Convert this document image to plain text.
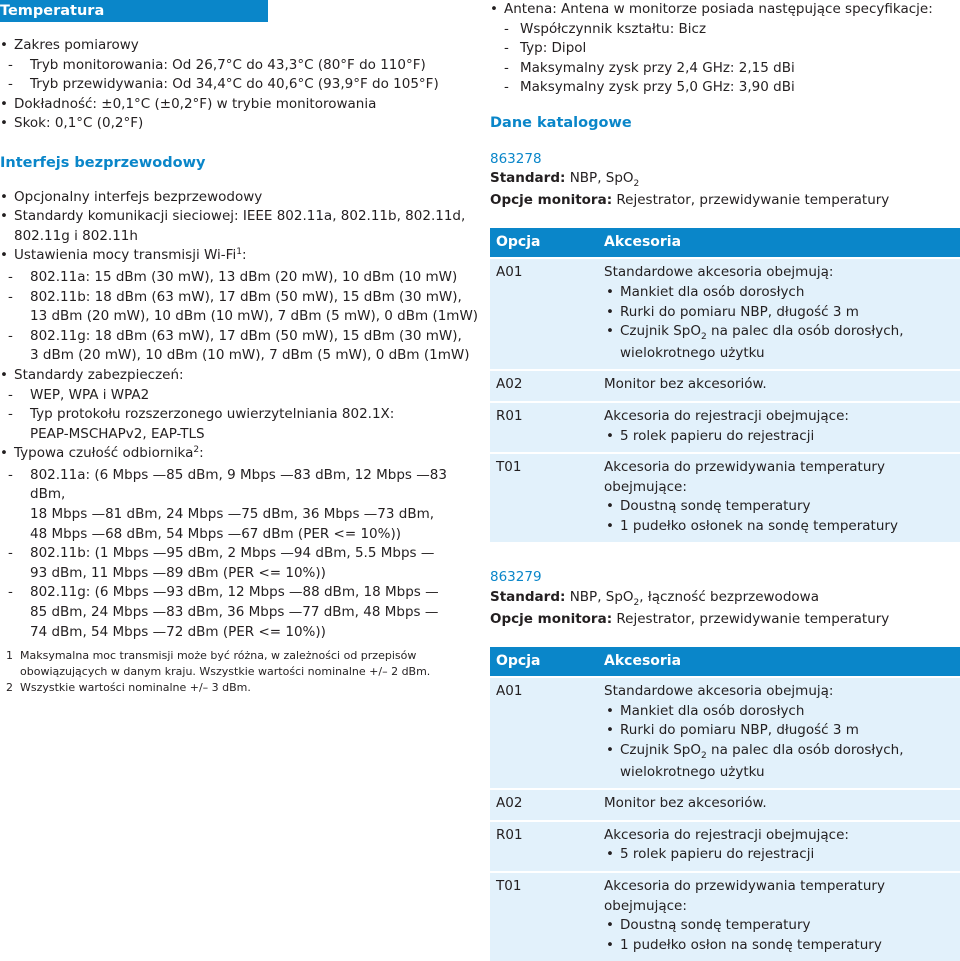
Temperatura
• Zakres pomiarowy
- Tryb monitorowania: Od 26,7°C do 43,3°C (80°F do 110°F)
- Tryb przewidywania: Od 34,4°C do 40,6°C (93,9°F do 105°F)
• Dokładność: ±0,1°C (±0,2°F) w trybie monitorowania
• Skok: 0,1°C (0,2°F)
Interfejs bezprzewodowy
• Opcjonalny interfejs bezprzewodowy
• Standardy komunikacji sieciowej: IEEE 802.11a, 802.11b, 802.11d,
802.11g i 802.11h
• Ustawienia mocy transmisji Wi-Fi$^1$:
- 802.11a: 15 dBm (30 mW), 13 dBm (20 mW), 10 dBm (10 mW)
- 802.11b: 18 dBm (63 mW), 17 dBm (50 mW), 15 dBm (30 mW),
13 dBm (20 mW), 10 dBm (10 mW), 7 dBm (5 mW), 0 dBm (1mW)
- 802.11g: 18 dBm (63 mW), 17 dBm (50 mW), 15 dBm (30 mW),
3 dBm (20 mW), 10 dBm (10 mW), 7 dBm (5 mW), 0 dBm (1mW)
• Standardy zabezpieczeń:
- WEP, WPA i WPA2
- Typ protokołu rozszerzonego uwierzytelniania 802.1X:
PEAP-MSCHAPv2, EAP-TLS
• Typowa czułość odbiornika$^2$:
- 802.11a: (6 Mbps —85 dBm, 9 Mbps —83 dBm, 12 Mbps —83 dBm,
18 Mbps —81 dBm, 24 Mbps —75 dBm, 36 Mbps —73 dBm,
48 Mbps —68 dBm, 54 Mbps —67 dBm (PER <= 10%))
- 802.11b: (1 Mbps —95 dBm, 2 Mbps —94 dBm, 5.5 Mbps —
93 dBm, 11 Mbps —89 dBm (PER <= 10%))
- 802.11g: (6 Mbps —93 dBm, 12 Mbps —88 dBm, 18 Mbps —
85 dBm, 24 Mbps —83 dBm, 36 Mbps —77 dBm, 48 Mbps —
74 dBm, 54 Mbps —72 dBm (PER <= 10%))
1 Maksymalna moc transmisji może być różna, w zależności od przepisów
obowiązujących w danym kraju. Wszystkie wartości nominalne +/– 2 dBm.
2 Wszystkie wartości nominalne +/– 3 dBm.
• Antena: Antena w monitorze posiada następujące specyfikacje:
- Współczynnik kształtu: Bicz
- Typ: Dipol
- Maksymalny zysk przy 2,4 GHz: 2,15 dBi
- Maksymalny zysk przy 5,0 GHz: 3,90 dBi
Dane katalogowe
863278
Standard: NBP, SpO$_2$
Opcje monitora: Rejestrator, przewidywanie temperatury
Opcja	Akcesoria
A01	Standardowe akcesoria obejmują:
• Mankiet dla osób dorosłych
• Rurki do pomiaru NBP, długość 3 m
• Czujnik SpO$_2$ na palec dla osób dorosłych,
wielokrotnego użytku

A02	Monitor bez akcesoriów.
R01	Akcesoria do rejestracji obejmujące:
• 5 rolek papieru do rejestracji

T01	Akcesoria do przewidywania temperatury
obejmujące:
• Doustną sondę temperatury
• 1 pudełko osłonek na sondę temperatury
863279
Standard: NBP, SpO$_2$, łączność bezprzewodowa
Opcje monitora: Rejestrator, przewidywanie temperatury
Opcja	Akcesoria
A01	Standardowe akcesoria obejmują:
• Mankiet dla osób dorosłych
• Rurki do pomiaru NBP, długość 3 m
• Czujnik SpO$_2$ na palec dla osób dorosłych,
wielokrotnego użytku

A02	Monitor bez akcesoriów.
R01	Akcesoria do rejestracji obejmujące:
• 5 rolek papieru do rejestracji

T01	Akcesoria do przewidywania temperatury
obejmujące:
• Doustną sondę temperatury
• 1 pudełko osłon na sondę temperatury
